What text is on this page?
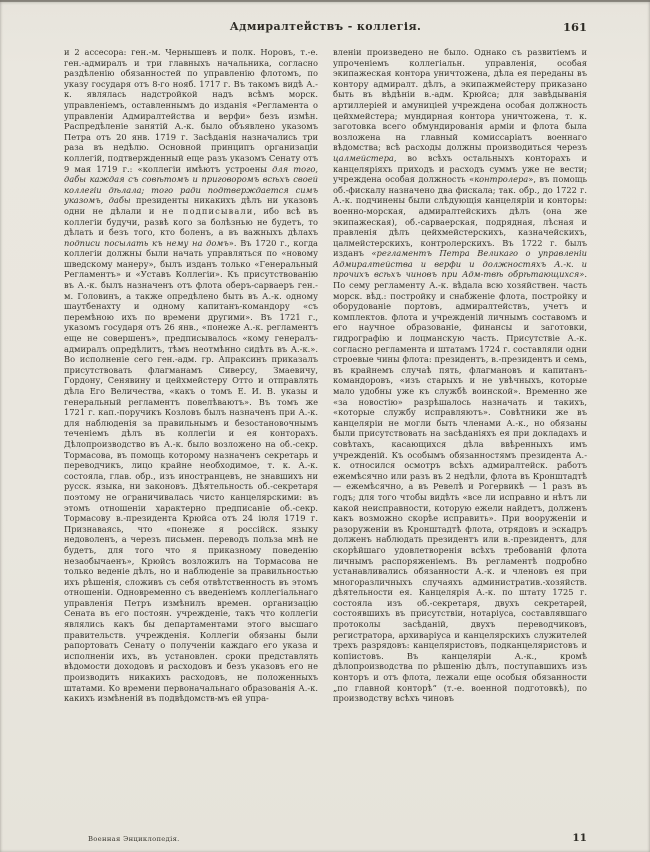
Адмиралтействъ - коллегія.	161
и 2 ассесора: ген.-м. Чернышевъ и полк. Норовъ, т.-е. ген.-адмиралъ и три главныхъ начальника, согласно раздѣленію обязанностей по управленію флотомъ, по указу государя отъ 8-го нояб. 1717 г. Въ такомъ видѣ А.-к. являлась надстройкой надъ всѣмъ морск. управленіемъ, оставленнымъ до изданія «Регламента о управленіи Адмиралтейства и верфи» безъ измѣн. Распредѣленіе занятій А.-к. было объявлено указомъ Петра отъ 20 янв. 1719 г. Засѣданія назначались три раза въ недѣлю. Основной принципъ организаціи коллегій, подтвержденный еще разъ указомъ Сенату отъ 9 мая 1719 г.: «коллегіи имѣютъ устроены для того, дабы каждая съ совѣтомъ и приговоромъ всѣхъ своей коллегіи дѣлала; того ради подтверждается симъ указомъ, дабы президенты никакихъ дѣлъ ни указовъ одни не дѣлали и не подписывали, ибо всѣ въ коллегіи будучи, развѣ кого за болѣзнью не будетъ, то дѣлать и безъ того, кто боленъ, а въ важныхъ дѣлахъ подписи посылать къ нему на домъ». Въ 1720 г., когда коллегіи должны были начать управляться по «новому шведскому манеру», былъ изданъ только «Генеральный Регламентъ» и «Уставъ Коллегіи». Къ присутствованію въ А.-к. былъ назначенъ отъ флота оберъ-сарваеръ ген.-м. Головинъ, а также опредѣлено быть въ А.-к. одному шаутбенахту и одному капитанъ-командору «съ перемѣною ихъ по времени другими». Въ 1721 г., указомъ государя отъ 26 янв., «понеже А.-к. регламентъ еще не совершенъ», предписывалось «кому генералъ-адмиралъ опредѣлитъ, тѣмъ неотмѣнно сидѣть въ А.-к.». Во исполненіе сего ген.-адм. гр. Апраксинъ приказалъ присутствовать флагманамъ Сиверсу, Змаевичу, Гордону, Сенявину и цейхмейстеру Отто и отправлять дѣла Его Величества, «какъ о томъ Е. И. В. указы и генеральный регламентъ повелѣваютъ». Въ томъ же 1721 г. кап.-поручикъ Козловъ былъ назначенъ при А.-к. для наблюденія за правильнымъ и безостановочнымъ теченіемъ дѣлъ въ коллегіи и ея конторахъ. Дѣлопроизводство въ А.-к. было возложено на об.-секр. Тормасова, въ помощь которому назначенъ секретарь и переводчикъ, лицо крайне необходимое, т. к. А.-к. состояла, глав. обр., изъ иностранцевъ, не знавшихъ ни русск. языка, ни законовъ. Дѣятельность об.-секретаря поэтому не ограничивалась чисто канцелярскими: въ этомъ отношеніи характерно предписаніе об.-секр. Тормасову в.-президента Крюйса отъ 24 іюля 1719 г. Признаваясь, что «понеже я россійск. языку недоволенъ, а черезъ письмен. переводъ польза мнѣ не будетъ, для того что я приказному поведенію незаобычаенъ», Крюйсъ возложилъ на Тормасова не только веденіе дѣлъ, но и наблюденіе за правильностью ихъ рѣшенія, сложивъ съ себя отвѣтственность въ этомъ отношеніи. Одновременно съ введеніемъ коллегіальнаго управленія Петръ измѣнилъ времен. организацію Сената въ его постоян. учрежденіе, такъ что коллегіи являлись какъ бы департаментами этого высшаго правительств. учрежденія. Коллегіи обязаны были рапортовать Сенату о полученіи каждаго его указа и исполненіи ихъ, въ установлен. сроки представлять вѣдомости доходовъ и расходовъ и безъ указовъ его не производить никакихъ расходовъ, не положенныхъ штатами. Ко времени первоначальнаго образованія А.-к. какихъ измѣненій въ подвѣдомств-мъ ей упра-
вленіи произведено не было. Однако съ развитіемъ и упроченіемъ коллегіальн. управленія, особая экипажеская контора уничтожена, дѣла ея переданы въ контору адмиралт. дѣлъ, а экипажмейстеру приказано быть въ вѣдѣніи в.-адм. Крюйса; для завѣдыванія артиллеріей и амуниціей учреждена особая должность цейхмейстера; мундирная контора уничтожена, т. к. заготовка всего обмундированія арміи и флота была возложена на главный комиссаріатъ военнаго вѣдомства; всѣ расходы должны производиться черезъ цалмейстера, во всѣхъ остальныхъ конторахъ и канцеляріяхъ приходъ и расходъ суммъ уже не вести; учреждена особая должность «контролера», въ помощь об.-фискалу назначено два фискала; так. обр., до 1722 г. А.-к. подчинены были слѣдующія канцеляріи и конторы: военно-морская, адмиралтейскихъ дѣлъ (она же экипажеская), об.-сарваерская, подрядная, лѣсная и правленія дѣлъ цейхмейстерскихъ, казначейскихъ, цалмейстерскихъ, контролерскихъ. Въ 1722 г. былъ изданъ «регламентъ Петра Великаго о управленіи Адмиралтейства и верфи и должностяхъ А.-к. и прочихъ всѣхъ чиновъ при Адм-твѣ обрѣтающихся». По сему регламенту А.-к. вѣдала всю хозяйствен. часть морск. вѣд.: постройку и снабженіе флота, постройку и оборудованіе портовъ, адмиралтействъ, учетъ и комплектов. флота и учрежденій личнымъ составомъ и его научное образованіе, финансы и заготовки, гидрографію и лоцманскую часть. Присутствіе А.-к. согласно регламента и штатамъ 1724 г. составляли одни строевые чины флота: президентъ, в.-президентъ и семь, въ крайнемъ случаѣ пять, флагмановъ и капитанъ-командоровъ, «изъ старыхъ и не увѣчныхъ, которые мало удобны уже къ службѣ воинской». Временно же «за новостію» разрѣшалось назначать и такихъ, «которые службу исправляютъ». Совѣтники же въ канцеляріи не могли быть членами А.-к., но обязаны были присутствовать на засѣданіяхъ ея при докладахъ и совѣтахъ, касающихся дѣла ввѣренныхъ имъ учрежденій. Къ особымъ обязанностямъ президента А.-к. относился осмотръ всѣхъ адмиралтейск. работъ ежемѣсячно или разъ въ 2 недѣли, флота въ Кронштадтѣ — ежемѣсячно, а въ Ревелѣ и Рогервикѣ — 1 разъ въ годъ; для того чтобы видѣть «все ли исправно и нѣтъ ли какой неисправности, которую ежели найдетъ, долженъ какъ возможно скорѣе исправить». При вооруженіи и разоруженіи въ Кронштадтѣ флота, отрядовъ и эскадръ долженъ наблюдать президентъ или в.-президентъ, для скорѣйшаго удовлетворенія всѣхъ требованій флота личнымъ распоряженіемъ. Въ регламентѣ подробно устанавливались обязанности А.-к. и членовъ ея при многоразличныхъ случаяхъ административ.-хозяйств. дѣятельности ея. Канцелярія А.-к. по штату 1725 г. состояла изъ об.-секретаря, двухъ секретарей, состоявшихъ въ присутствіи, нотаріуса, составлявшаго протоколы засѣданій, двухъ переводчиковъ, регистратора, архиваріуса и канцелярскихъ служителей трехъ разрядовъ: канцеляристовъ, подканцеляристовъ и копіистовъ. Въ канцеляріи А.-к., кромѣ дѣлопроизводства по рѣшенію дѣлъ, поступавшихъ изъ конторъ и отъ флота, лежали еще особыя обязанности „по главной конторѣ“ (т.-е. военной подготовкѣ), по производству всѣхъ чиновъ
Военная Энциклопедія.	11
